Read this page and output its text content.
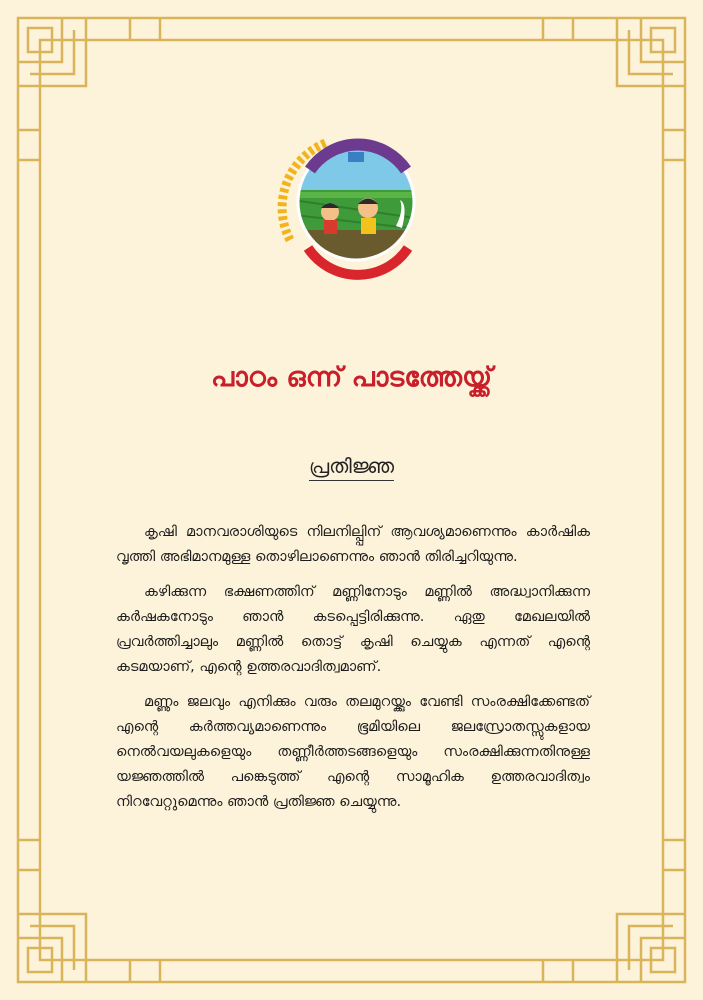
പാഠം ഒന്ന് പാടത്തേയ്ക്ക്
പ്രതിജ്ഞ

കൃഷി മാനവരാശിയുടെ നിലനില്പ്പിന് ആവശ്യമാണെന്നും കാർഷിക വൃത്തി അഭിമാനമുള്ള തൊഴിലാണെന്നും ഞാൻ തിരിച്ചറിയുന്നു.

കഴിക്കുന്ന ഭക്ഷണത്തിന് മണ്ണിനോടും മണ്ണിൽ അദ്ധ്വാനിക്കുന്ന കർഷകനോടും ഞാൻ കടപ്പെട്ടിരിക്കുന്നു. ഏതു മേഖലയിൽ പ്രവർത്തിച്ചാലും മണ്ണിൽ തൊട്ട് കൃഷി ചെയ്യുക എന്നത് എന്റെ കടമയാണ്, എന്റെ ഉത്തരവാദിത്വമാണ്.

മണ്ണും ജലവും എനിക്കും വരും തലമുറയ്ക്കും വേണ്ടി സംരക്ഷിക്കേണ്ടത് എന്റെ കർത്തവ്യമാണെന്നും ഭൂമിയിലെ ജലസ്രോതസ്സുകളായ നെൽവയലുകളെയും തണ്ണീർത്തടങ്ങളെയും സംരക്ഷിക്കുന്നതിനുള്ള യജ്ഞത്തിൽ പങ്കെടുത്ത് എന്റെ സാമൂഹിക ഉത്തരവാദിത്വം നിറവേറ്റുമെന്നും ഞാൻ പ്രതിജ്ഞ ചെയ്യുന്നു.
